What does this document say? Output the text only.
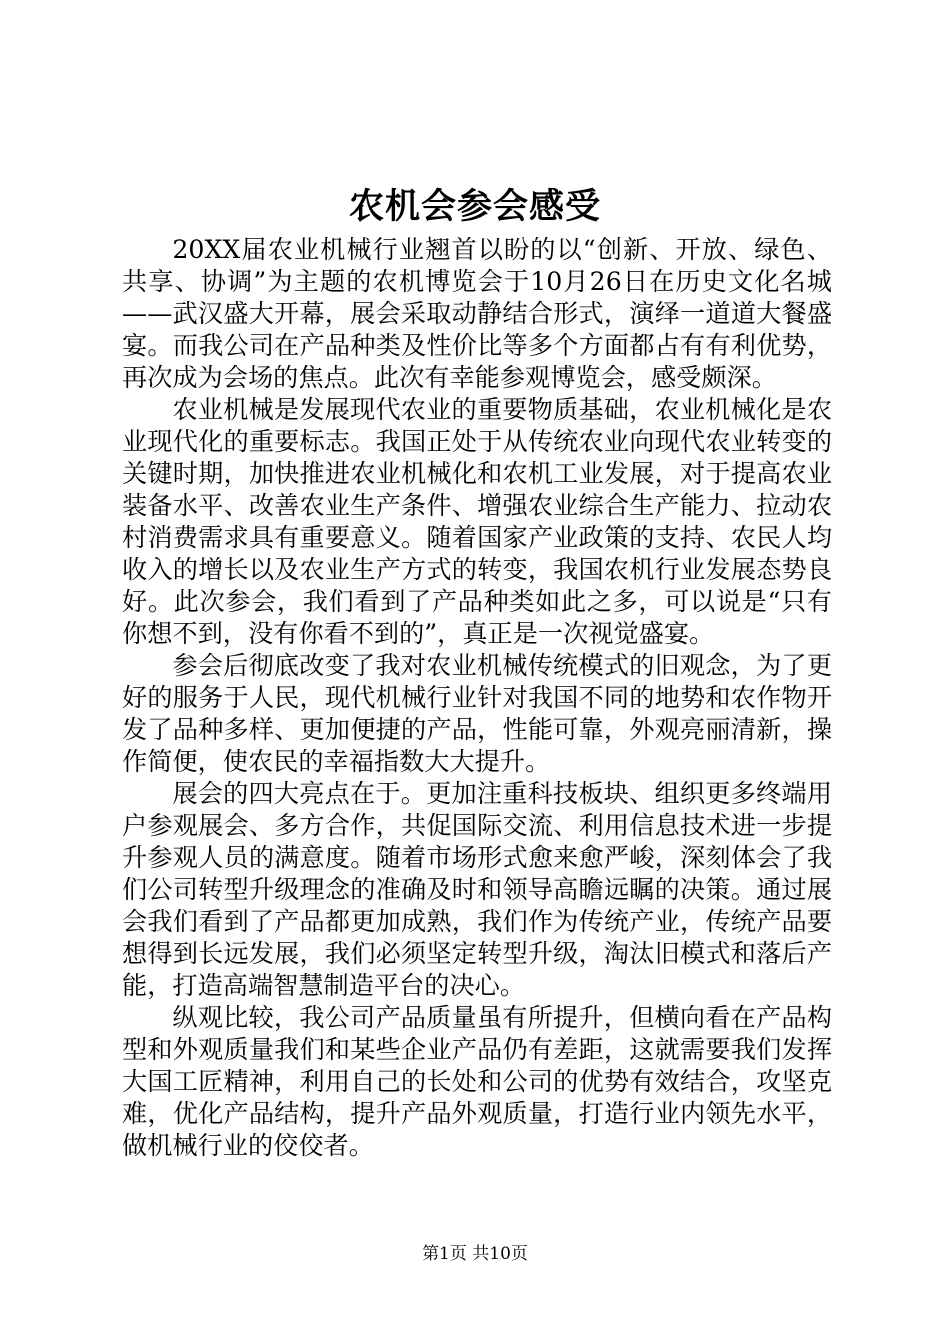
农机会参会感受

20XX届农业机械行业翘首以盼的以“创新、开放、绿色、共享、协调”为主题的农机博览会于10月26日在历史文化名城——武汉盛大开幕，展会采取动静结合形式，演绎一道道大餐盛宴。而我公司在产品种类及性价比等多个方面都占有有利优势，再次成为会场的焦点。此次有幸能参观博览会，感受颇深。

农业机械是发展现代农业的重要物质基础，农业机械化是农业现代化的重要标志。我国正处于从传统农业向现代农业转变的关键时期，加快推进农业机械化和农机工业发展，对于提高农业装备水平、改善农业生产条件、增强农业综合生产能力、拉动农村消费需求具有重要意义。随着国家产业政策的支持、农民人均收入的增长以及农业生产方式的转变，我国农机行业发展态势良好。此次参会，我们看到了产品种类如此之多，可以说是“只有你想不到，没有你看不到的”，真正是一次视觉盛宴。

参会后彻底改变了我对农业机械传统模式的旧观念，为了更好的服务于人民，现代机械行业针对我国不同的地势和农作物开发了品种多样、更加便捷的产品，性能可靠，外观亮丽清新，操作简便，使农民的幸福指数大大提升。

展会的四大亮点在于。更加注重科技板块、组织更多终端用户参观展会、多方合作，共促国际交流、利用信息技术进一步提升参观人员的满意度。随着市场形式愈来愈严峻，深刻体会了我们公司转型升级理念的准确及时和领导高瞻远瞩的决策。通过展会我们看到了产品都更加成熟，我们作为传统产业，传统产品要想得到长远发展，我们必须坚定转型升级，淘汰旧模式和落后产能，打造高端智慧制造平台的决心。

纵观比较，我公司产品质量虽有所提升，但横向看在产品构型和外观质量我们和某些企业产品仍有差距，这就需要我们发挥大国工匠精神，利用自己的长处和公司的优势有效结合，攻坚克难，优化产品结构，提升产品外观质量，打造行业内领先水平，做机械行业的佼佼者。

第1页 共10页
